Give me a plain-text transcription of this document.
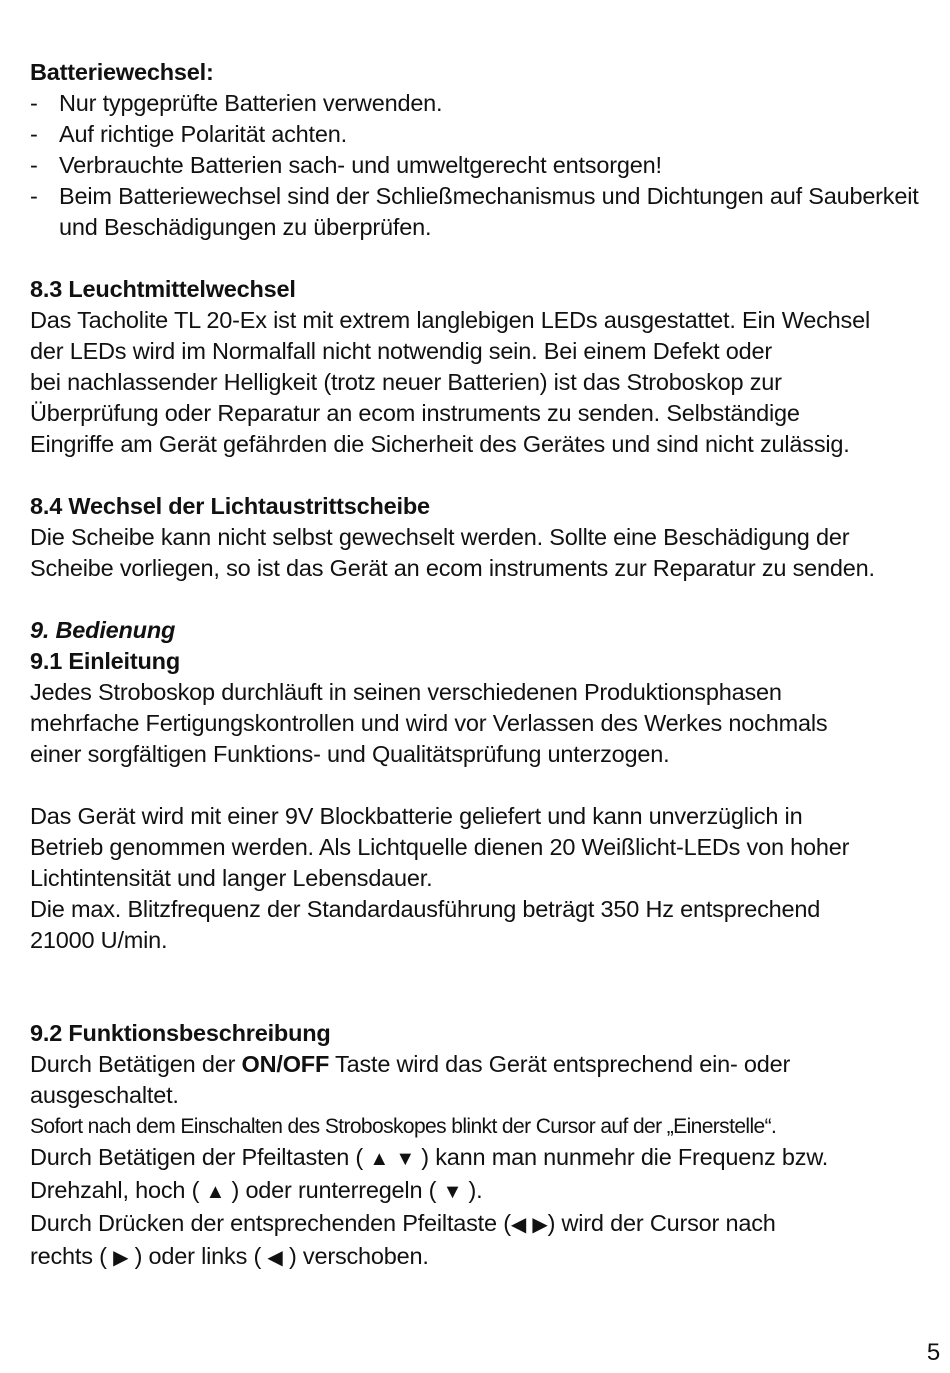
Batteriewechsel:

- Nur typgeprüfte Batterien verwenden.
- Auf richtige Polarität achten.
- Verbrauchte Batterien sach- und umweltgerecht entsorgen!
- Beim Batteriewechsel sind der Schließmechanismus und Dichtungen auf Sauberkeit und Beschädigungen zu überprüfen.

8.3 Leuchtmittelwechsel

Das Tacholite TL 20-Ex ist mit extrem langlebigen LEDs ausgestattet. Ein Wechsel

der LEDs wird im Normalfall nicht notwendig sein. Bei einem Defekt oder

bei nachlassender Helligkeit (trotz neuer Batterien) ist das Stroboskop zur

Überprüfung oder Reparatur an ecom instruments zu senden. Selbständige

Eingriffe am Gerät gefährden die Sicherheit des Gerätes und sind nicht zulässig.

8.4 Wechsel der Lichtaustrittscheibe

Die Scheibe kann nicht selbst gewechselt werden. Sollte eine Beschädigung der

Scheibe vorliegen, so ist das Gerät an ecom instruments zur Reparatur zu senden.

9. Bedienung

9.1 Einleitung

Jedes Stroboskop durchläuft in seinen verschiedenen Produktionsphasen

mehrfache Fertigungskontrollen und wird vor Verlassen des Werkes nochmals

einer sorgfältigen Funktions- und Qualitätsprüfung unterzogen.

Das Gerät wird mit einer 9V Blockbatterie geliefert und kann unverzüglich in

Betrieb genommen werden. Als Lichtquelle dienen 20 Weißlicht-LEDs von hoher

Lichtintensität und langer Lebensdauer.

Die max. Blitzfrequenz der Standardausführung beträgt 350 Hz entsprechend

21000 U/min.

9.2 Funktionsbeschreibung

Durch Betätigen der ON/OFF Taste wird das Gerät entsprechend ein- oder

ausgeschaltet.

Sofort nach dem Einschalten des Stroboskopes blinkt der Cursor auf der „Einerstelle“.

Durch Betätigen der Pfeiltasten ( ▲ ▼ ) kann man nunmehr die Frequenz bzw.

Drehzahl, hoch ( ▲ ) oder runterregeln ( ▼ ).

Durch Drücken der entsprechenden Pfeiltaste (◀ ▶) wird der Cursor nach

rechts ( ▶ ) oder links ( ◀ ) verschoben.

5
